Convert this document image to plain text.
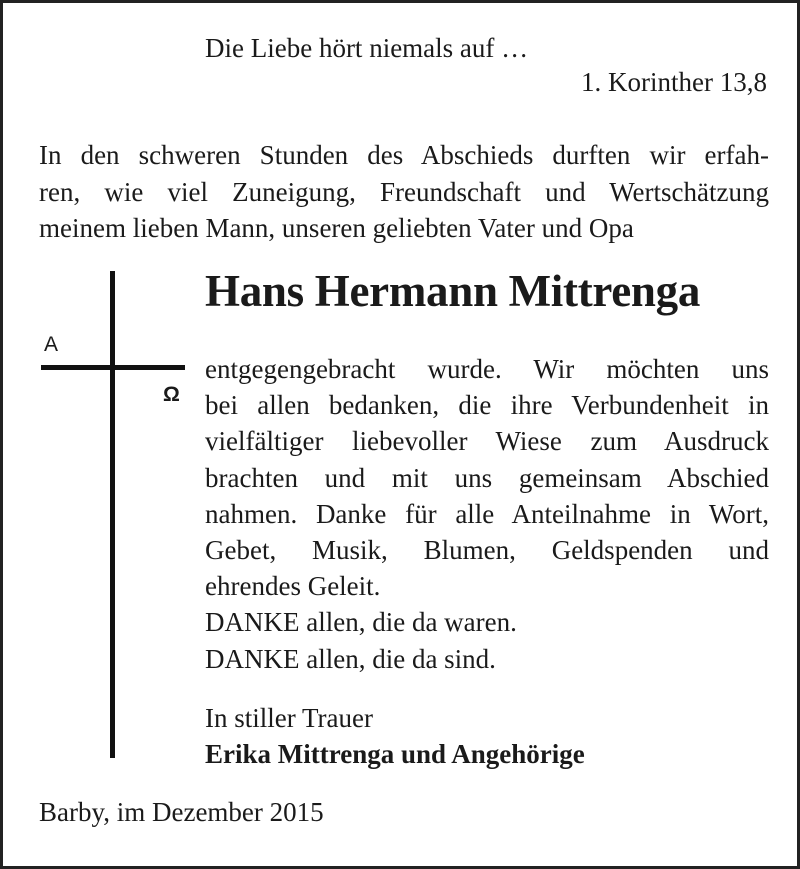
Die Liebe hört niemals auf …
1. Korinther 13,8
In den schweren Stunden des Abschieds durften wir erfah-
ren, wie viel Zuneigung, Freundschaft und Wertschätzung
meinem lieben Mann, unseren geliebten Vater und Opa
A
Ω
Hans Hermann Mittrenga
entgegengebracht wurde. Wir möchten uns
bei allen bedanken, die ihre Verbundenheit in
vielfältiger liebevoller Wiese zum Ausdruck
brachten und mit uns gemeinsam Abschied
nahmen. Danke für alle Anteilnahme in Wort,
Gebet, Musik, Blumen, Geldspenden und
ehrendes Geleit.
DANKE allen, die da waren.
DANKE allen, die da sind.
In stiller Trauer
Erika Mittrenga und Angehörige
Barby, im Dezember 2015
